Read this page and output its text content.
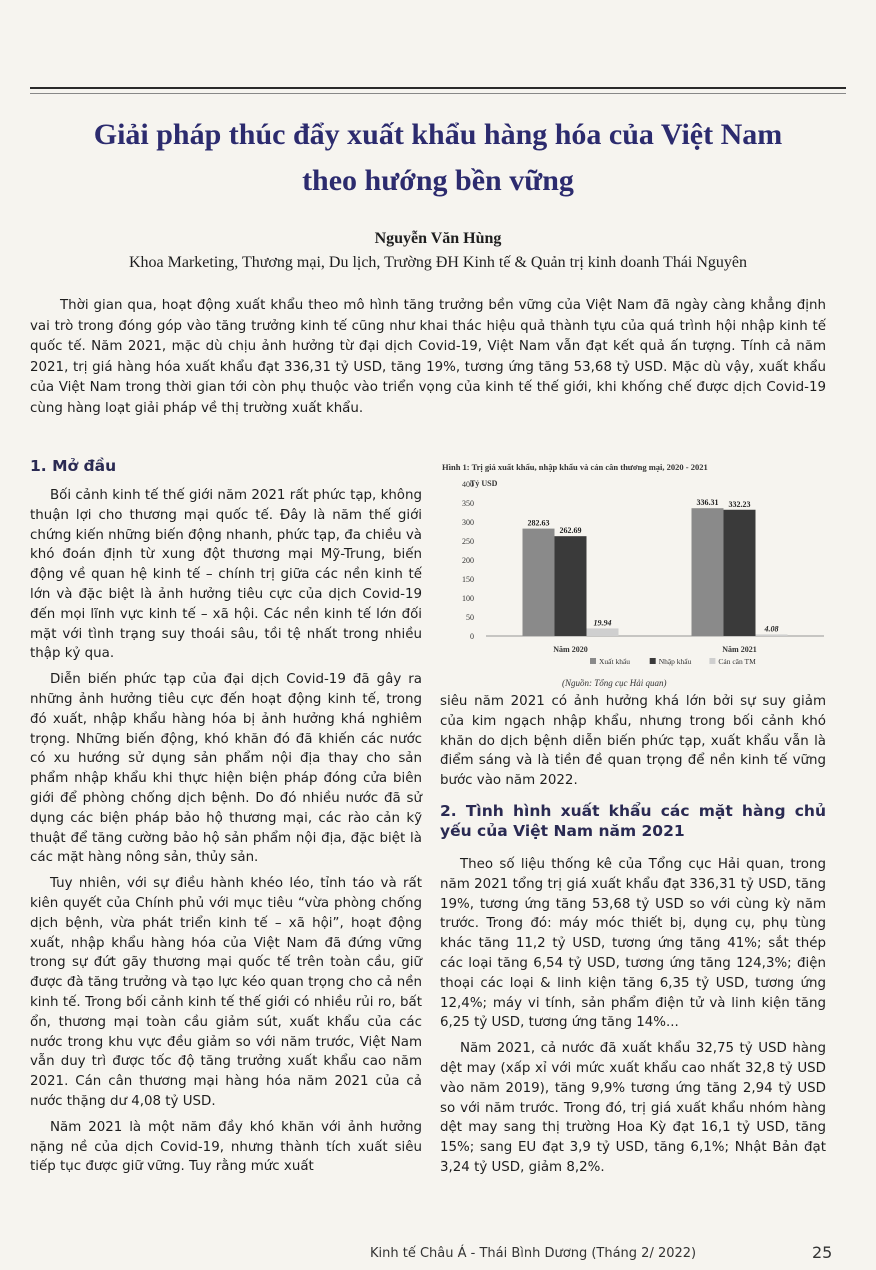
Giải pháp thúc đẩy xuất khẩu hàng hóa của Việt Nam
theo hướng bền vững
Nguyễn Văn Hùng
Khoa Marketing, Thương mại, Du lịch, Trường ĐH Kinh tế & Quản trị kinh doanh Thái Nguyên
Thời gian qua, hoạt động xuất khẩu theo mô hình tăng trưởng bền vững của Việt Nam đã ngày càng khẳng định vai trò trong đóng góp vào tăng trưởng kinh tế cũng như khai thác hiệu quả thành tựu của quá trình hội nhập kinh tế quốc tế. Năm 2021, mặc dù chịu ảnh hưởng từ đại dịch Covid-19, Việt Nam vẫn đạt kết quả ấn tượng. Tính cả năm 2021, trị giá hàng hóa xuất khẩu đạt 336,31 tỷ USD, tăng 19%, tương ứng tăng 53,68 tỷ USD. Mặc dù vậy, xuất khẩu của Việt Nam trong thời gian tới còn phụ thuộc vào triển vọng của kinh tế thế giới, khi khống chế được dịch Covid-19 cùng hàng loạt giải pháp về thị trường xuất khẩu.
1. Mở đầu

Bối cảnh kinh tế thế giới năm 2021 rất phức tạp, không thuận lợi cho thương mại quốc tế. Đây là năm thế giới chứng kiến những biến động nhanh, phức tạp, đa chiều và khó đoán định từ xung đột thương mại Mỹ-Trung, biến động về quan hệ kinh tế – chính trị giữa các nền kinh tế lớn và đặc biệt là ảnh hưởng tiêu cực của dịch Covid-19 đến mọi lĩnh vực kinh tế – xã hội. Các nền kinh tế lớn đối mặt với tình trạng suy thoái sâu, tồi tệ nhất trong nhiều thập kỷ qua.

Diễn biến phức tạp của đại dịch Covid-19 đã gây ra những ảnh hưởng tiêu cực đến hoạt động kinh tế, trong đó xuất, nhập khẩu hàng hóa bị ảnh hưởng khá nghiêm trọng. Những biến động, khó khăn đó đã khiến các nước có xu hướng sử dụng sản phẩm nội địa thay cho sản phẩm nhập khẩu khi thực hiện biện pháp đóng cửa biên giới để phòng chống dịch bệnh. Do đó nhiều nước đã sử dụng các biện pháp bảo hộ thương mại, các rào cản kỹ thuật để tăng cường bảo hộ sản phẩm nội địa, đặc biệt là các mặt hàng nông sản, thủy sản.

Tuy nhiên, với sự điều hành khéo léo, tỉnh táo và rất kiên quyết của Chính phủ với mục tiêu “vừa phòng chống dịch bệnh, vừa phát triển kinh tế – xã hội”, hoạt động xuất, nhập khẩu hàng hóa của Việt Nam đã đứng vững trong sự đứt gãy thương mại quốc tế trên toàn cầu, giữ được đà tăng trưởng và tạo lực kéo quan trọng cho cả nền kinh tế. Trong bối cảnh kinh tế thế giới có nhiều rủi ro, bất ổn, thương mại toàn cầu giảm sút, xuất khẩu của các nước trong khu vực đều giảm so với năm trước, Việt Nam vẫn duy trì được tốc độ tăng trưởng xuất khẩu cao năm 2021. Cán cân thương mại hàng hóa năm 2021 của cả nước thặng dư 4,08 tỷ USD.

Năm 2021 là một năm đầy khó khăn với ảnh hưởng nặng nề của dịch Covid-19, nhưng thành tích xuất siêu tiếp tục được giữ vững. Tuy rằng mức xuất

Hình 1: Trị giá xuất khẩu, nhập khẩu và cán cân thương mại, 2020 - 2021
Tỷ USD
0
50
100
150
200
250
300
350
400
282.63
262.69
19.94
Năm 2020
336.31 332.23
4.08
Năm 2021
Xuất khẩu	Nhập khẩu	Cán cân TM
(Nguồn: Tổng cục Hải quan)

siêu năm 2021 có ảnh hưởng khá lớn bởi sự suy giảm của kim ngạch nhập khẩu, nhưng trong bối cảnh khó khăn do dịch bệnh diễn biến phức tạp, xuất khẩu vẫn là điểm sáng và là tiền đề quan trọng để nền kinh tế vững bước vào năm 2022.

2. Tình hình xuất khẩu các mặt hàng chủ yếu của Việt Nam năm 2021

Theo số liệu thống kê của Tổng cục Hải quan, trong năm 2021 tổng trị giá xuất khẩu đạt 336,31 tỷ USD, tăng 19%, tương ứng tăng 53,68 tỷ USD so với cùng kỳ năm trước. Trong đó: máy móc thiết bị, dụng cụ, phụ tùng khác tăng 11,2 tỷ USD, tương ứng tăng 41%; sắt thép các loại tăng 6,54 tỷ USD, tương ứng tăng 124,3%; điện thoại các loại & linh kiện tăng 6,35 tỷ USD, tương ứng 12,4%; máy vi tính, sản phẩm điện tử và linh kiện tăng 6,25 tỷ USD, tương ứng tăng 14%...

Năm 2021, cả nước đã xuất khẩu 32,75 tỷ USD hàng dệt may (xấp xỉ với mức xuất khẩu cao nhất 32,8 tỷ USD vào năm 2019), tăng 9,9% tương ứng tăng 2,94 tỷ USD so với năm trước. Trong đó, trị giá xuất khẩu nhóm hàng dệt may sang thị trường Hoa Kỳ đạt 16,1 tỷ USD, tăng 15%; sang EU đạt 3,9 tỷ USD, tăng 6,1%; Nhật Bản đạt 3,24 tỷ USD, giảm 8,2%.

Kinh tế Châu Á - Thái Bình Dương (Tháng 2/ 2022)	25
